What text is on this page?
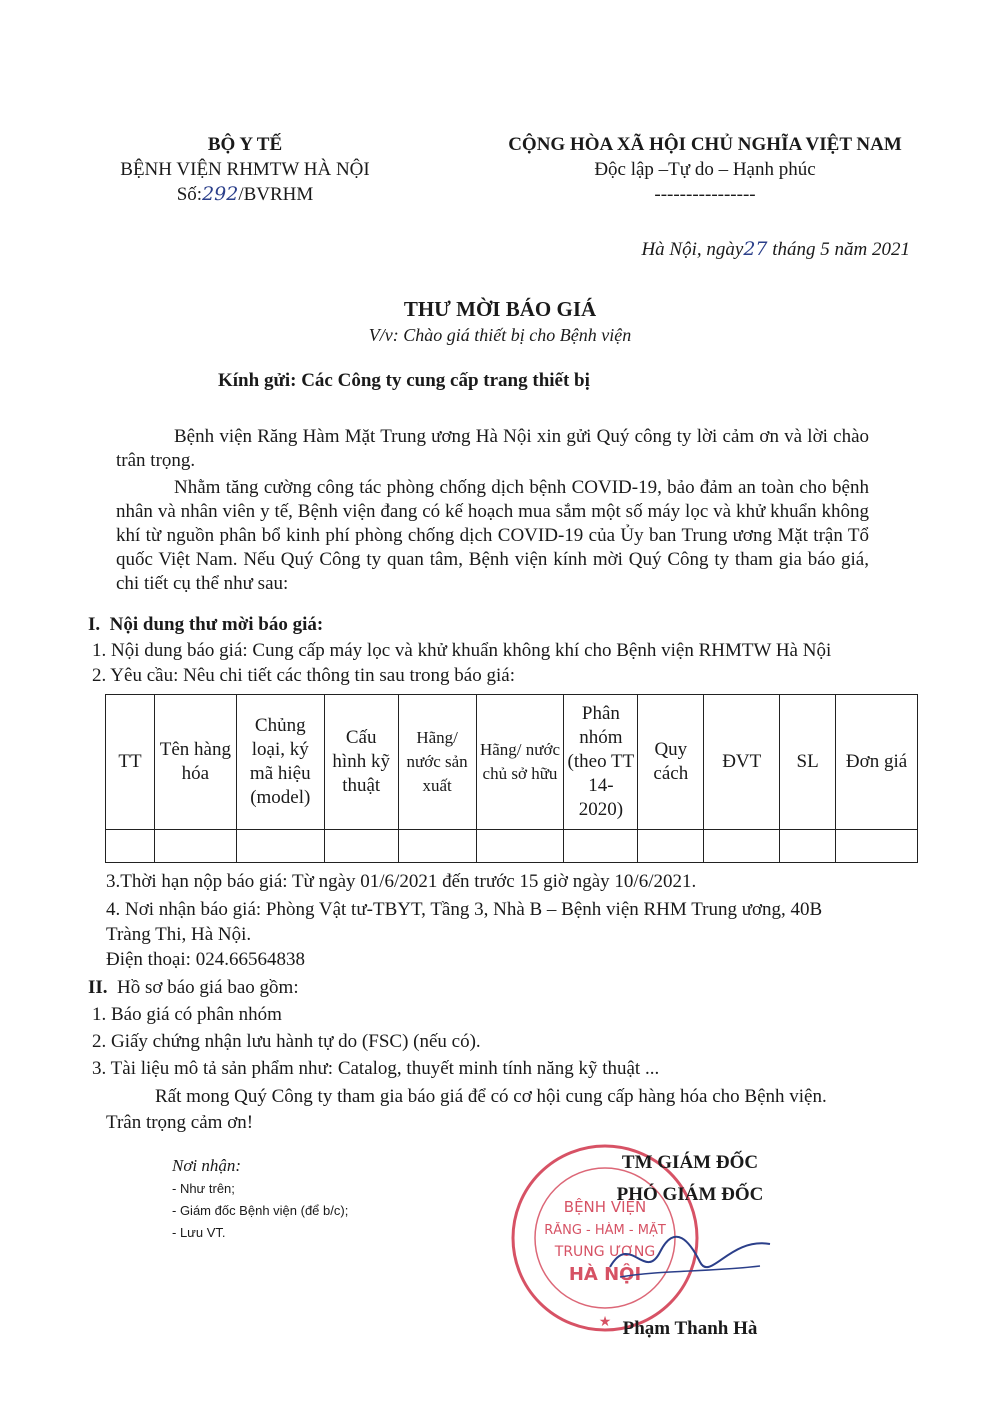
BỘ Y TẾ
BỆNH VIỆN RHMTW HÀ NỘI
Số:292/BVRHM
CỘNG HÒA XÃ HỘI CHỦ NGHĨA VIỆT NAM
Độc lập –Tự do – Hạnh phúc
----------------
Hà Nội, ngày27 tháng 5 năm 2021
THƯ MỜI BÁO GIÁ
V/v: Chào giá thiết bị cho Bệnh viện
Kính gửi: Các Công ty cung cấp trang thiết bị
Bệnh viện Răng Hàm Mặt Trung ương Hà Nội xin gửi Quý công ty lời cảm ơn và lời chào trân trọng.
Nhằm tăng cường công tác phòng chống dịch bệnh COVID-19, bảo đảm an toàn cho bệnh nhân và nhân viên y tế, Bệnh viện đang có kế hoạch mua sắm một số máy lọc và khử khuẩn không khí từ nguồn phân bổ kinh phí phòng chống dịch COVID-19 của Ủy ban Trung ương Mặt trận Tổ quốc Việt Nam. Nếu Quý Công ty quan tâm, Bệnh viện kính mời Quý Công ty tham gia báo giá, chi tiết cụ thể như sau:
I. Nội dung thư mời báo giá:
1. Nội dung báo giá: Cung cấp máy lọc và khử khuẩn không khí cho Bệnh viện RHMTW Hà Nội
2. Yêu cầu: Nêu chi tiết các thông tin sau trong báo giá:
TT	Tên hàng hóa	Chủng loại, ký mã hiệu (model)	Cấu hình kỹ thuật	Hãng/ nước sản xuất	Hãng/ nước chủ sở hữu	Phân nhóm (theo TT 14-2020)	Quy cách	ĐVT	SL	Đơn giá

3.Thời hạn nộp báo giá: Từ ngày 01/6/2021 đến trước 15 giờ ngày 10/6/2021.
4. Nơi nhận báo giá: Phòng Vật tư-TBYT, Tầng 3, Nhà B – Bệnh viện RHM Trung ương, 40B
Tràng Thi, Hà Nội.
Điện thoại: 024.66564838
II. Hồ sơ báo giá bao gồm:
1. Báo giá có phân nhóm
2. Giấy chứng nhận lưu hành tự do (FSC) (nếu có).
3. Tài liệu mô tả sản phẩm như: Catalog, thuyết minh tính năng kỹ thuật ...
Rất mong Quý Công ty tham gia báo giá để có cơ hội cung cấp hàng hóa cho Bệnh viện.
Trân trọng cảm ơn!
Nơi nhận:
- Như trên;
- Giám đốc Bệnh viện (để b/c);
- Lưu VT.
BỆNH VIỆN
RĂNG - HÀM - MẶT
TRUNG ƯƠNG
HÀ NỘI
★
TM GIÁM ĐỐC
PHÓ GIÁM ĐỐC
Phạm Thanh Hà
